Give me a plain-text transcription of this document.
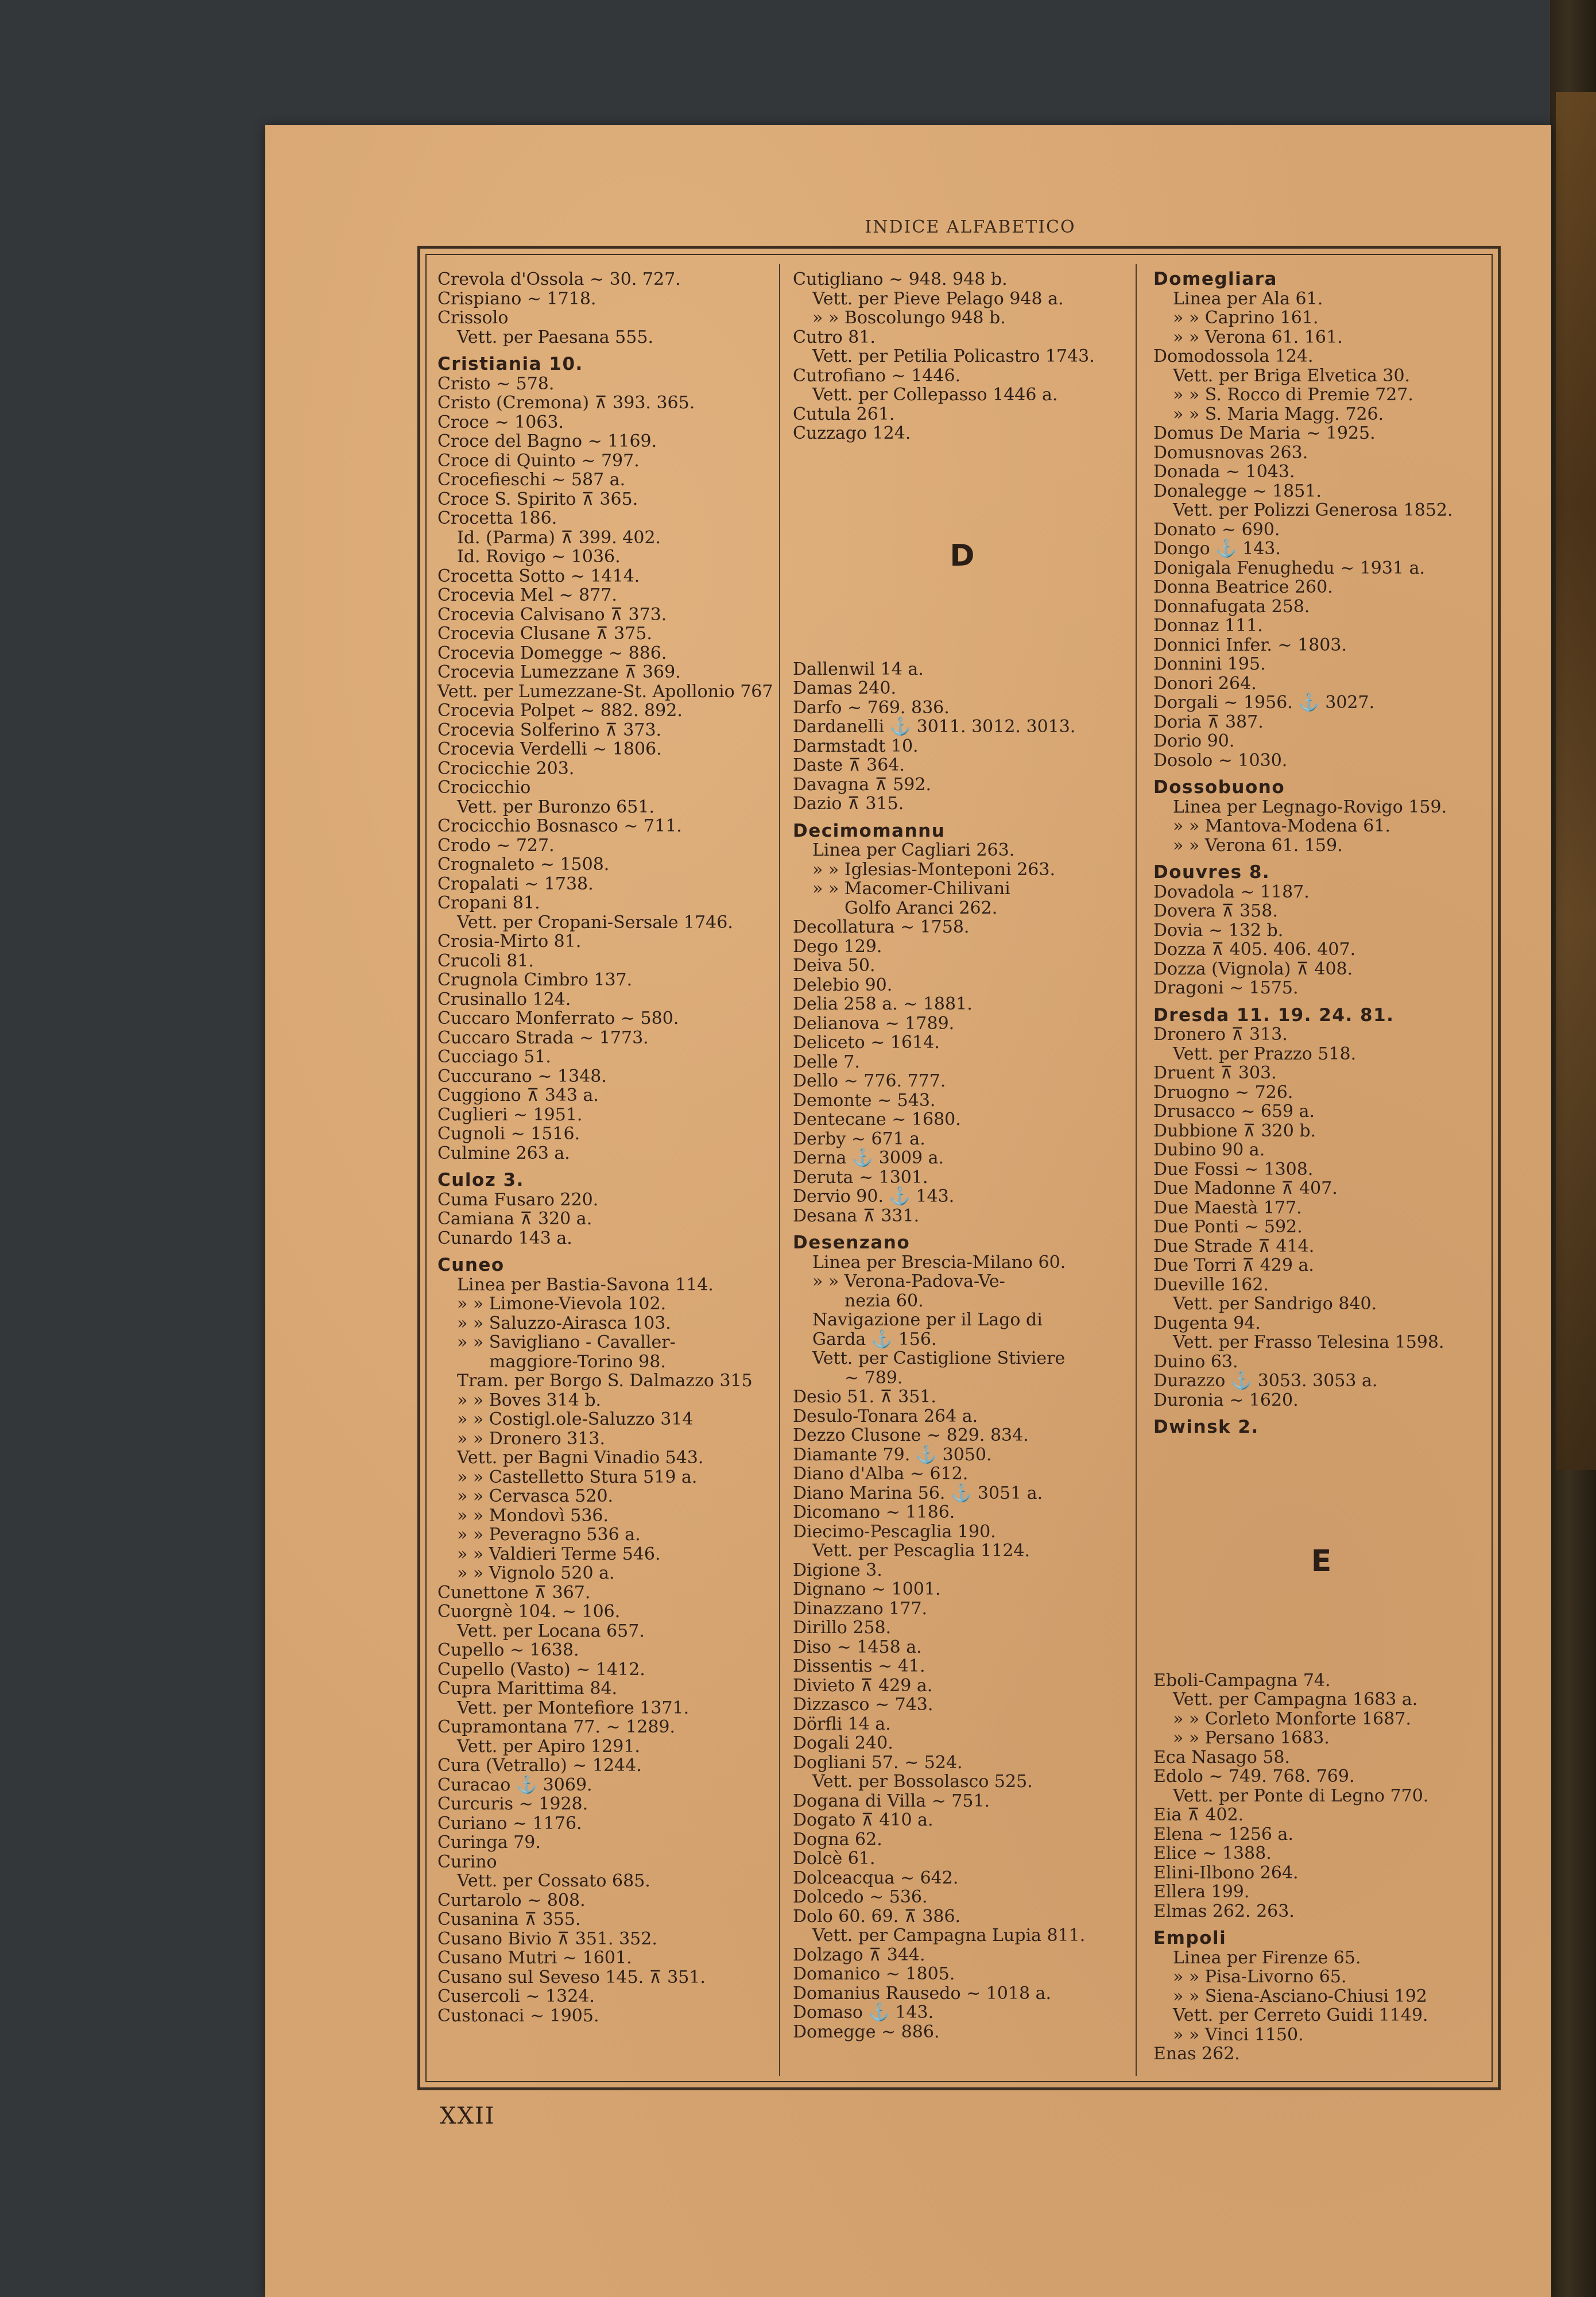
INDICE ALFABETICO
Crevola d'Ossola ~ 30. 727.
Crispiano ~ 1718.
Crissolo
Vett. per Paesana 555.
Cristiania 10.
Cristo ~ 578.
Cristo (Cremona) ⊼ 393. 365.
Croce ~ 1063.
Croce del Bagno ~ 1169.
Croce di Quinto ~ 797.
Crocefieschi ~ 587 a.
Croce S. Spirito ⊼ 365.
Crocetta 186.
Id. (Parma) ⊼ 399. 402.
Id. Rovigo ~ 1036.
Crocetta Sotto ~ 1414.
Crocevia Mel ~ 877.
Crocevia Calvisano ⊼ 373.
Crocevia Clusane ⊼ 375.
Crocevia Domegge ~ 886.
Crocevia Lumezzane ⊼ 369.
Vett. per Lumezzane-St. Apollonio 767
Crocevia Polpet ~ 882. 892.
Crocevia Solferino ⊼ 373.
Crocevia Verdelli ~ 1806.
Crocicchie 203.
Crocicchio
Vett. per Buronzo 651.
Crocicchio Bosnasco ~ 711.
Crodo ~ 727.
Crognaleto ~ 1508.
Cropalati ~ 1738.
Cropani 81.
Vett. per Cropani-Sersale 1746.
Crosia-Mirto 81.
Crucoli 81.
Crugnola Cimbro 137.
Crusinallo 124.
Cuccaro Monferrato ~ 580.
Cuccaro Strada ~ 1773.
Cucciago 51.
Cuccurano ~ 1348.
Cuggiono ⊼ 343 a.
Cuglieri ~ 1951.
Cugnoli ~ 1516.
Culmine 263 a.
Culoz 3.
Cuma Fusaro 220.
Camiana ⊼ 320 a.
Cunardo 143 a.
Cuneo
Linea per Bastia-Savona 114.
» » Limone-Vievola 102.
» » Saluzzo-Airasca 103.
» » Savigliano - Cavaller-
maggiore-Torino 98.
Tram. per Borgo S. Dalmazzo 315
» » Boves 314 b.
» » Costigl.ole-Saluzzo 314
» » Dronero 313.
Vett. per Bagni Vinadio 543.
» » Castelletto Stura 519 a.
» » Cervasca 520.
» » Mondovì 536.
» » Peveragno 536 a.
» » Valdieri Terme 546.
» » Vignolo 520 a.
Cunettone ⊼ 367.
Cuorgnè 104. ~ 106.
Vett. per Locana 657.
Cupello ~ 1638.
Cupello (Vasto) ~ 1412.
Cupra Marittima 84.
Vett. per Montefiore 1371.
Cupramontana 77. ~ 1289.
Vett. per Apiro 1291.
Cura (Vetrallo) ~ 1244.
Curacao ⚓ 3069.
Curcuris ~ 1928.
Curiano ~ 1176.
Curinga 79.
Curino
Vett. per Cossato 685.
Curtarolo ~ 808.
Cusanina ⊼ 355.
Cusano Bivio ⊼ 351. 352.
Cusano Mutri ~ 1601.
Cusano sul Seveso 145. ⊼ 351.
Cusercoli ~ 1324.
Custonaci ~ 1905.
Cutigliano ~ 948. 948 b.
Vett. per Pieve Pelago 948 a.
» » Boscolungo 948 b.
Cutro 81.
Vett. per Petilia Policastro 1743.
Cutrofiano ~ 1446.
Vett. per Collepasso 1446 a.
Cutula 261.
Cuzzago 124.
D
Dallenwil 14 a.
Damas 240.
Darfo ~ 769. 836.
Dardanelli ⚓ 3011. 3012. 3013.
Darmstadt 10.
Daste ⊼ 364.
Davagna ⊼ 592.
Dazio ⊼ 315.
Decimomannu
Linea per Cagliari 263.
» » Iglesias-Monteponi 263.
» » Macomer-Chilivani
Golfo Aranci 262.
Decollatura ~ 1758.
Dego 129.
Deiva 50.
Delebio 90.
Delia 258 a. ~ 1881.
Delianova ~ 1789.
Deliceto ~ 1614.
Delle 7.
Dello ~ 776. 777.
Demonte ~ 543.
Dentecane ~ 1680.
Derby ~ 671 a.
Derna ⚓ 3009 a.
Deruta ~ 1301.
Dervio 90. ⚓ 143.
Desana ⊼ 331.
Desenzano
Linea per Brescia-Milano 60.
» » Verona-Padova-Ve-
nezia 60.
Navigazione per il Lago di
Garda ⚓ 156.
Vett. per Castiglione Stiviere
~ 789.
Desio 51. ⊼ 351.
Desulo-Tonara 264 a.
Dezzo Clusone ~ 829. 834.
Diamante 79. ⚓ 3050.
Diano d'Alba ~ 612.
Diano Marina 56. ⚓ 3051 a.
Dicomano ~ 1186.
Diecimo-Pescaglia 190.
Vett. per Pescaglia 1124.
Digione 3.
Dignano ~ 1001.
Dinazzano 177.
Dirillo 258.
Diso ~ 1458 a.
Dissentis ~ 41.
Divieto ⊼ 429 a.
Dizzasco ~ 743.
Dörfli 14 a.
Dogali 240.
Dogliani 57. ~ 524.
Vett. per Bossolasco 525.
Dogana di Villa ~ 751.
Dogato ⊼ 410 a.
Dogna 62.
Dolcè 61.
Dolceacqua ~ 642.
Dolcedo ~ 536.
Dolo 60. 69. ⊼ 386.
Vett. per Campagna Lupia 811.
Dolzago ⊼ 344.
Domanico ~ 1805.
Domanius Rausedo ~ 1018 a.
Domaso ⚓ 143.
Domegge ~ 886.
Domegliara
Linea per Ala 61.
» » Caprino 161.
» » Verona 61. 161.
Domodossola 124.
Vett. per Briga Elvetica 30.
» » S. Rocco di Premie 727.
» » S. Maria Magg. 726.
Domus De Maria ~ 1925.
Domusnovas 263.
Donada ~ 1043.
Donalegge ~ 1851.
Vett. per Polizzi Generosa 1852.
Donato ~ 690.
Dongo ⚓ 143.
Donigala Fenughedu ~ 1931 a.
Donna Beatrice 260.
Donnafugata 258.
Donnaz 111.
Donnici Infer. ~ 1803.
Donnini 195.
Donori 264.
Dorgali ~ 1956. ⚓ 3027.
Doria ⊼ 387.
Dorio 90.
Dosolo ~ 1030.
Dossobuono
Linea per Legnago-Rovigo 159.
» » Mantova-Modena 61.
» » Verona 61. 159.
Douvres 8.
Dovadola ~ 1187.
Dovera ⊼ 358.
Dovia ~ 132 b.
Dozza ⊼ 405. 406. 407.
Dozza (Vignola) ⊼ 408.
Dragoni ~ 1575.
Dresda 11. 19. 24. 81.
Dronero ⊼ 313.
Vett. per Prazzo 518.
Druent ⊼ 303.
Druogno ~ 726.
Drusacco ~ 659 a.
Dubbione ⊼ 320 b.
Dubino 90 a.
Due Fossi ~ 1308.
Due Madonne ⊼ 407.
Due Maestà 177.
Due Ponti ~ 592.
Due Strade ⊼ 414.
Due Torri ⊼ 429 a.
Dueville 162.
Vett. per Sandrigo 840.
Dugenta 94.
Vett. per Frasso Telesina 1598.
Duino 63.
Durazzo ⚓ 3053. 3053 a.
Duronia ~ 1620.
Dwinsk 2.
E
Eboli-Campagna 74.
Vett. per Campagna 1683 a.
» » Corleto Monforte 1687.
» » Persano 1683.
Eca Nasago 58.
Edolo ~ 749. 768. 769.
Vett. per Ponte di Legno 770.
Eia ⊼ 402.
Elena ~ 1256 a.
Elice ~ 1388.
Elini-Ilbono 264.
Ellera 199.
Elmas 262. 263.
Empoli
Linea per Firenze 65.
» » Pisa-Livorno 65.
» » Siena-Asciano-Chiusi 192
Vett. per Cerreto Guidi 1149.
» » Vinci 1150.
Enas 262.
XXII
